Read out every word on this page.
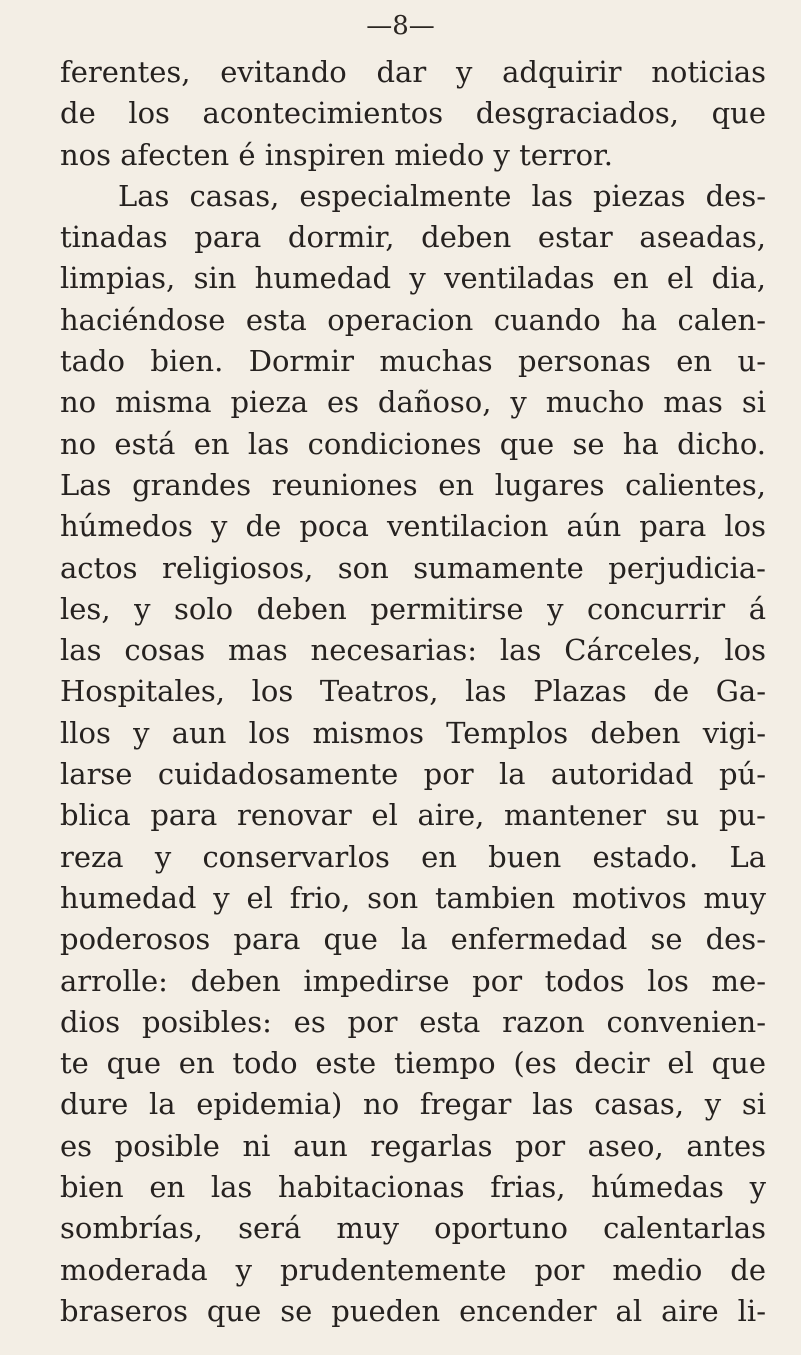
—8—
ferentes, evitando dar y adquirir noticias
de los acontecimientos desgraciados, que
nos afecten é inspiren miedo y terror.
Las casas, especialmente las piezas des-
tinadas para dormir, deben estar aseadas,
limpias, sin humedad y ventiladas en el dia,
haciéndose esta operacion cuando ha calen-
tado bien. Dormir muchas personas en u-
no misma pieza es dañoso, y mucho mas si
no está en las condiciones que se ha dicho.
Las grandes reuniones en lugares calientes,
húmedos y de poca ventilacion aún para los
actos religiosos, son sumamente perjudicia-
les, y solo deben permitirse y concurrir á
las cosas mas necesarias: las Cárceles, los
Hospitales, los Teatros, las Plazas de Ga-
llos y aun los mismos Templos deben vigi-
larse cuidadosamente por la autoridad pú-
blica para renovar el aire, mantener su pu-
reza y conservarlos en buen estado. La
humedad y el frio, son tambien motivos muy
poderosos para que la enfermedad se des-
arrolle: deben impedirse por todos los me-
dios posibles: es por esta razon convenien-
te que en todo este tiempo (es decir el que
dure la epidemia) no fregar las casas, y si
es posible ni aun regarlas por aseo, antes
bien en las habitacionas frias, húmedas y
sombrías, será muy oportuno calentarlas
moderada y prudentemente por medio de
braseros que se pueden encender al aire li-
